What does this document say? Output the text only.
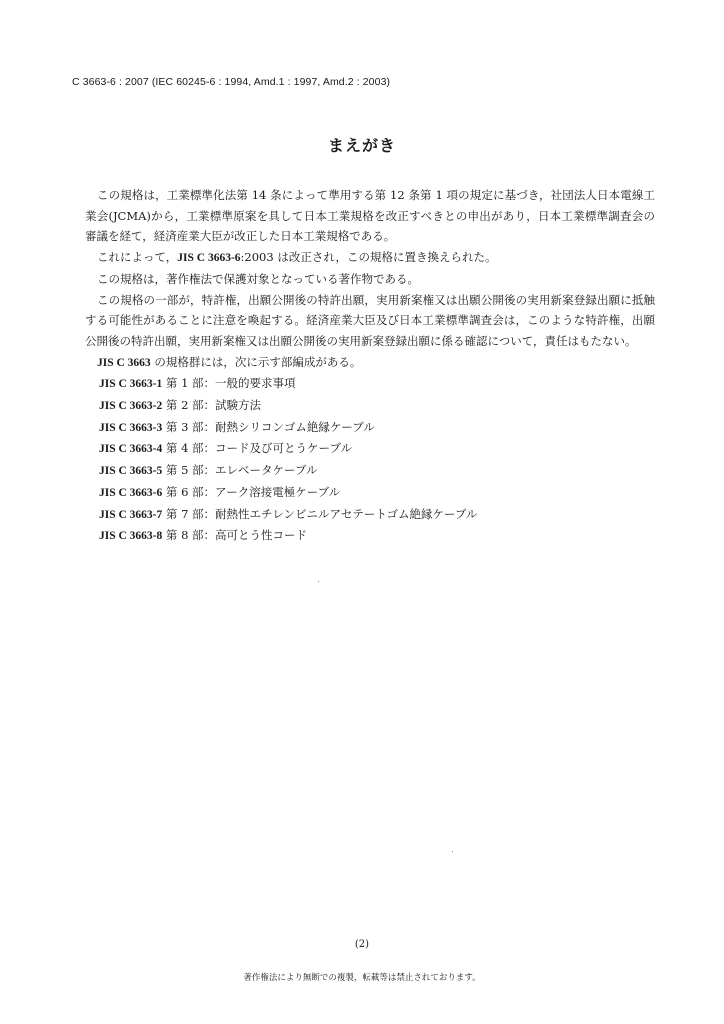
C 3663-6 : 2007 (IEC 60245-6 : 1994, Amd.1 : 1997, Amd.2 : 2003)
まえがき

この規格は，工業標準化法第 14 条によって準用する第 12 条第 1 項の規定に基づき，社団法人日本電線工業会(JCMA)から，工業標準原案を具して日本工業規格を改正すべきとの申出があり，日本工業標準調査会の審議を経て，経済産業大臣が改正した日本工業規格である。

これによって，JIS C 3663-6:2003 は改正され，この規格に置き換えられた。

この規格は，著作権法で保護対象となっている著作物である。

この規格の一部が，特許権，出願公開後の特許出願，実用新案権又は出願公開後の実用新案登録出願に抵触する可能性があることに注意を喚起する。経済産業大臣及び日本工業標準調査会は，このような特許権，出願公開後の特許出願，実用新案権又は出願公開後の実用新案登録出願に係る確認について，責任はもたない。

JIS C 3663 の規格群には，次に示す部編成がある。

JIS C 3663-1 第 1 部：一般的要求事項
JIS C 3663-2 第 2 部：試験方法
JIS C 3663-3 第 3 部：耐熱シリコンゴム絶縁ケーブル
JIS C 3663-4 第 4 部：コード及び可とうケーブル
JIS C 3663-5 第 5 部：エレベータケーブル
JIS C 3663-6 第 6 部：アーク溶接電極ケーブル
JIS C 3663-7 第 7 部：耐熱性エチレンビニルアセテートゴム絶縁ケーブル
JIS C 3663-8 第 8 部：高可とう性コード
(2)
著作権法により無断での複製，転載等は禁止されております。
